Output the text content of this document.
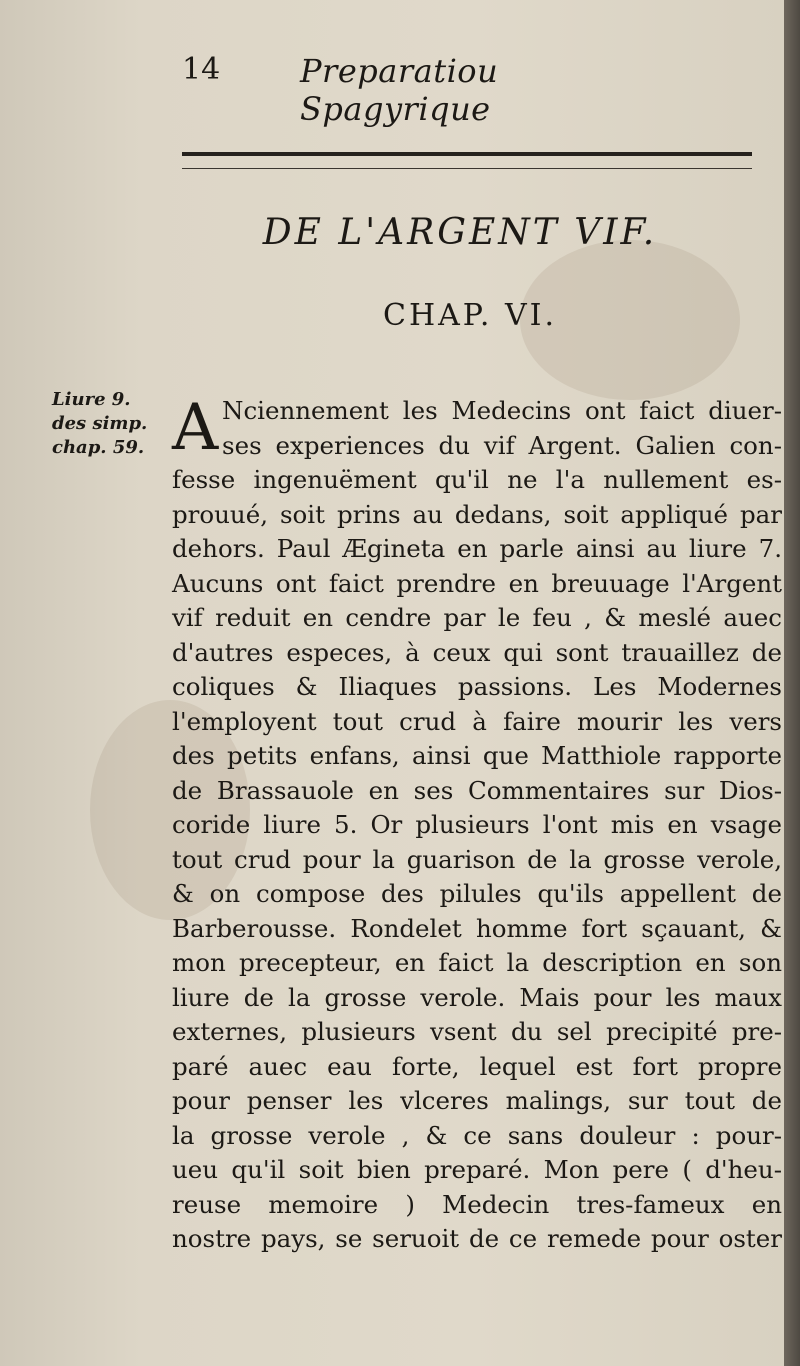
14 Preparatiou Spagyrique
DE L'ARGENT VIF.
CHAP. VI.
Liure 9.
des simp.
chap. 59. A Nciennement les Medecins ont faict diuer-
ses experiences du vif Argent. Galien con-
fesse ingenuëment qu'il ne l'a nullement es-
prouué, soit prins au dedans, soit appliqué par
dehors. Paul Ægineta en parle ainsi au liure 7.
Aucuns ont faict prendre en breuuage l'Argent
vif reduit en cendre par le feu , & meslé auec
d'autres especes, à ceux qui sont trauaillez de
coliques & Iliaques passions. Les Modernes
l'employent tout crud à faire mourir les vers
des petits enfans, ainsi que Matthiole rapporte
de Brassauole en ses Commentaires sur Dios-
coride liure 5. Or plusieurs l'ont mis en vsage
tout crud pour la guarison de la grosse verole,
& on compose des pilules qu'ils appellent de
Barberousse. Rondelet homme fort sçauant, &
mon precepteur, en faict la description en son
liure de la grosse verole. Mais pour les maux
externes, plusieurs vsent du sel precipité pre-
paré auec eau forte, lequel est fort propre
pour penser les vlceres malings, sur tout de
la grosse verole , & ce sans douleur : pour-
ueu qu'il soit bien preparé. Mon pere ( d'heu-
reuse memoire ) Medecin tres-fameux en
nostre pays, se seruoit de ce remede pour oster
